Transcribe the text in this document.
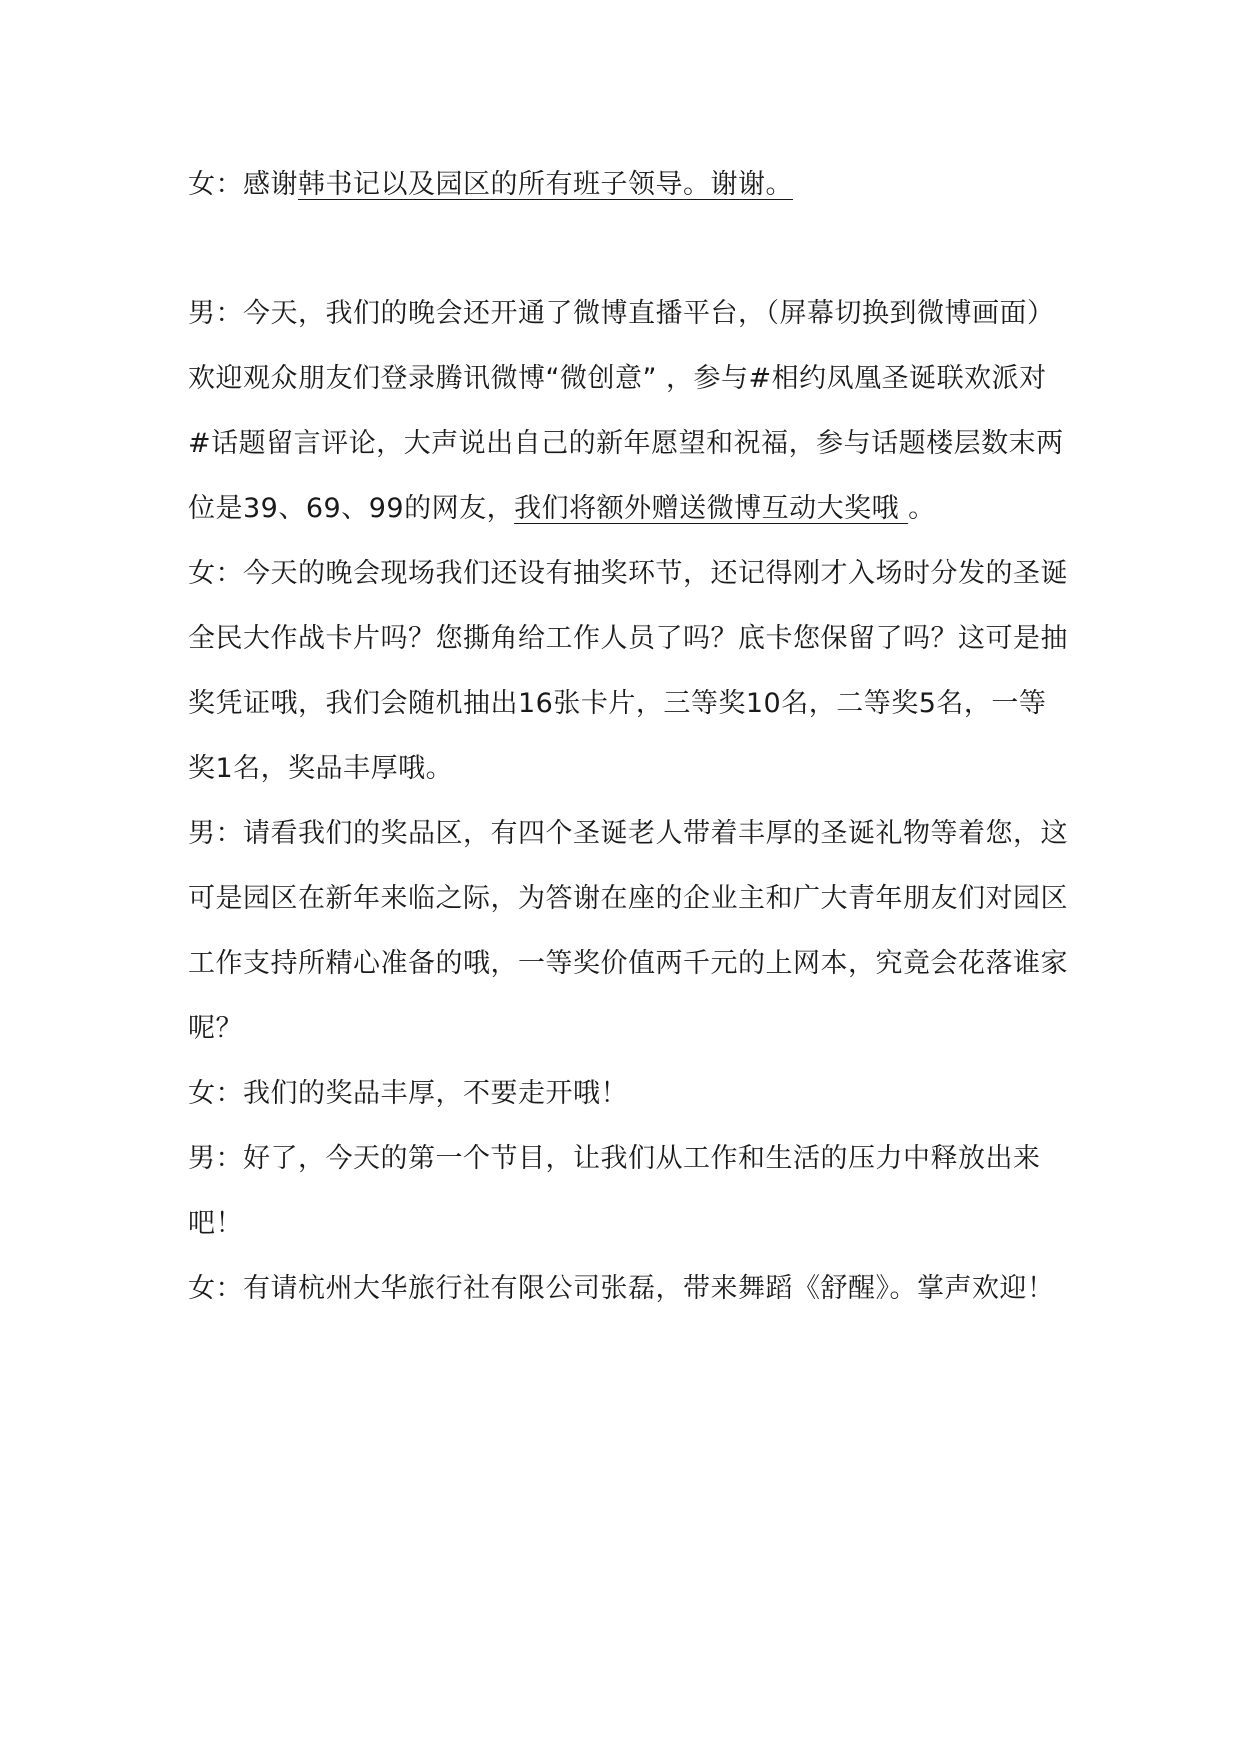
女：感谢韩书记以及园区的所有班子领导。谢谢。
男：今天，我们的晚会还开通了微博直播平台，（屏幕切换到微博画面）欢迎观众朋友们登录腾讯微博“微创意” ，参与#相约凤凰圣诞联欢派对#话题留言评论，大声说出自己的新年愿望和祝福，参与话题楼层数末两位是39、69、99的网友，我们将额外赠送微博互动大奖哦 。
女：今天的晚会现场我们还设有抽奖环节，还记得刚才入场时分发的圣诞全民大作战卡片吗？您撕角给工作人员了吗？底卡您保留了吗？这可是抽奖凭证哦，我们会随机抽出16张卡片，三等奖10名，二等奖5名，一等奖1名，奖品丰厚哦。
男：请看我们的奖品区，有四个圣诞老人带着丰厚的圣诞礼物等着您，这可是园区在新年来临之际，为答谢在座的企业主和广大青年朋友们对园区工作支持所精心准备的哦，一等奖价值两千元的上网本，究竟会花落谁家呢？
女：我们的奖品丰厚，不要走开哦！
男：好了，今天的第一个节目，让我们从工作和生活的压力中释放出来吧！
女：有请杭州大华旅行社有限公司张磊，带来舞蹈《舒醒》。掌声欢迎！
